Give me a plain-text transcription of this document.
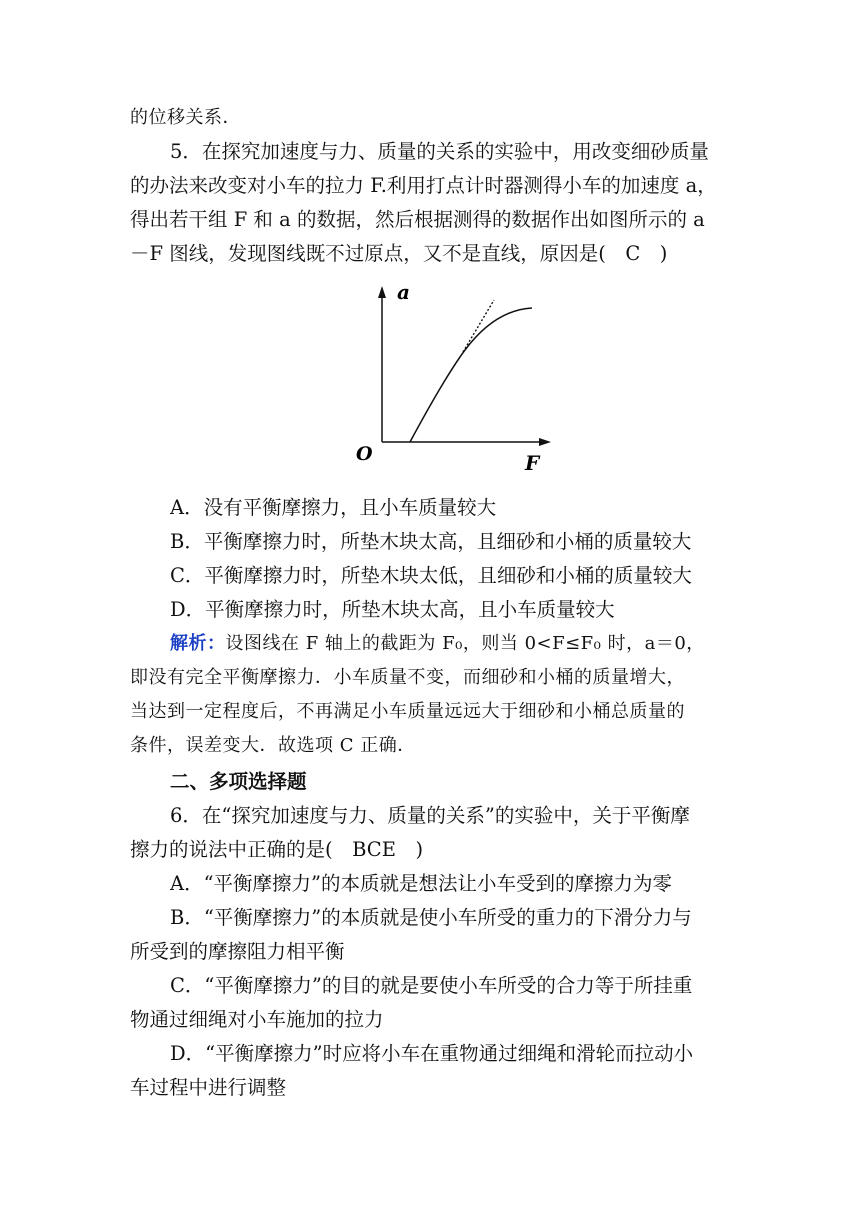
的位移关系．
5．在探究加速度与力、质量的关系的实验中，用改变细砂质量
的办法来改变对小车的拉力 F.利用打点计时器测得小车的加速度 a，
得出若干组 F 和 a 的数据，然后根据测得的数据作出如图所示的 a
－F 图线，发现图线既不过原点，又不是直线，原因是(　C　)
a
F
O
A．没有平衡摩擦力，且小车质量较大
B．平衡摩擦力时，所垫木块太高，且细砂和小桶的质量较大
C．平衡摩擦力时，所垫木块太低，且细砂和小桶的质量较大
D．平衡摩擦力时，所垫木块太高，且小车质量较大
解析：设图线在 F 轴上的截距为 F₀，则当 0<F≤F₀ 时，a＝0，
即没有完全平衡摩擦力．小车质量不变，而细砂和小桶的质量增大，
当达到一定程度后，不再满足小车质量远远大于细砂和小桶总质量的
条件，误差变大．故选项 C 正确．
二、多项选择题
6．在“探究加速度与力、质量的关系”的实验中，关于平衡摩
擦力的说法中正确的是(　BCE　)
A．“平衡摩擦力”的本质就是想法让小车受到的摩擦力为零
B．“平衡摩擦力”的本质就是使小车所受的重力的下滑分力与
所受到的摩擦阻力相平衡
C．“平衡摩擦力”的目的就是要使小车所受的合力等于所挂重
物通过细绳对小车施加的拉力
D．“平衡摩擦力”时应将小车在重物通过细绳和滑轮而拉动小
车过程中进行调整
